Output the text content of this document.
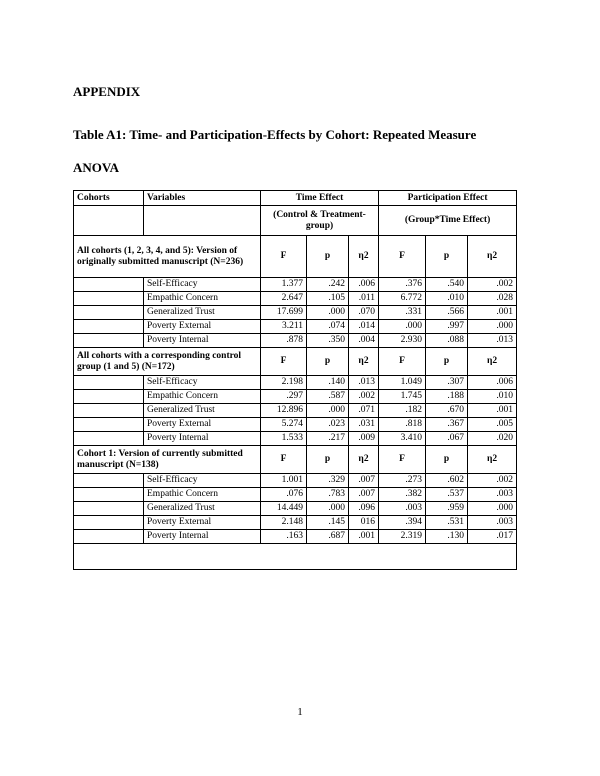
APPENDIX
Table A1: Time- and Participation-Effects by Cohort: Repeated Measure
ANOVA
Cohorts	Variables	Time Effect			Participation Effect		
		(Control & Treatment-group)			(Group*Time Effect)		
All cohorts (1, 2, 3, 4, and 5): Version of originally submitted manuscript (N=236)		F	p	η2	F	p	η2
	Self-Efficacy	1.377	.242	.006	.376	.540	.002
	Empathic Concern	2.647	.105	.011	6.772	.010	.028
	Generalized Trust	17.699	.000	.070	.331	.566	.001
	Poverty External	3.211	.074	.014	.000	.997	.000
	Poverty Internal	.878	.350	.004	2.930	.088	.013
All cohorts with a corresponding control group (1 and 5) (N=172)		F	p	η2	F	p	η2
	Self-Efficacy	2.198	.140	.013	1.049	.307	.006
	Empathic Concern	.297	.587	.002	1.745	.188	.010
	Generalized Trust	12.896	.000	.071	.182	.670	.001
	Poverty External	5.274	.023	.031	.818	.367	.005
	Poverty Internal	1.533	.217	.009	3.410	.067	.020
Cohort 1: Version of currently submitted manuscript (N=138)		F	p	η2	F	p	η2
	Self-Efficacy	1.001	.329	.007	.273	.602	.002
	Empathic Concern	.076	.783	.007	.382	.537	.003
	Generalized Trust	14.449	.000	.096	.003	.959	.000
	Poverty External	2.148	.145	016	.394	.531	.003
	Poverty Internal	.163	.687	.001	2.319	.130	.017

1
